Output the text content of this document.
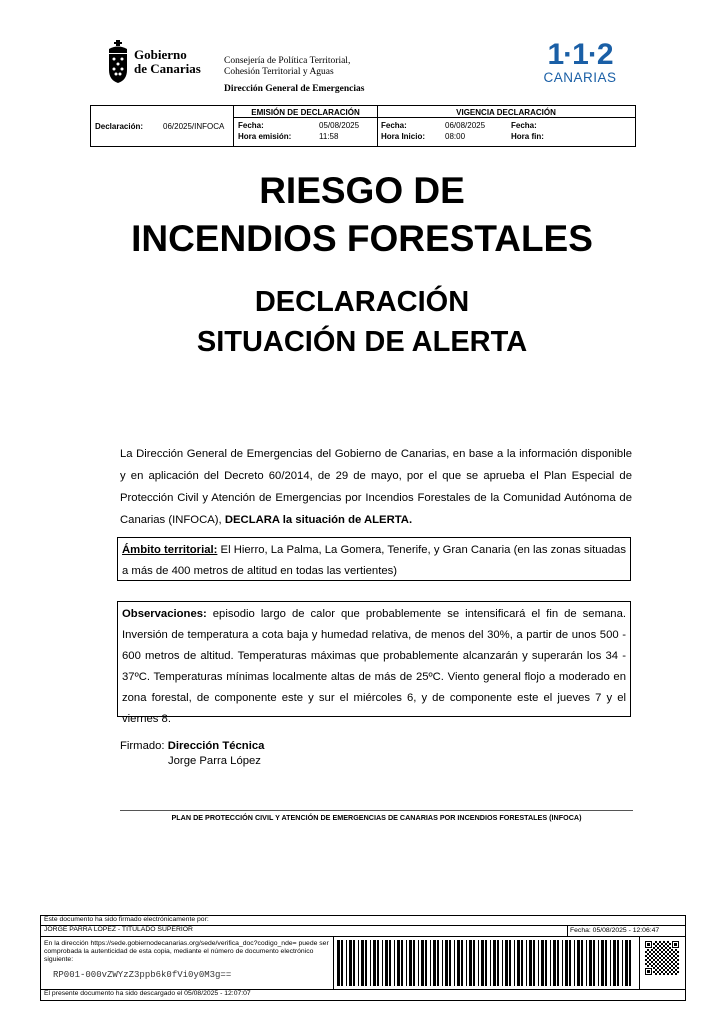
Gobierno
de Canarias Consejería de Política Territorial,
Cohesión Territorial y Aguas
Dirección General de Emergencias
1·1·2
CANARIAS
Declaración: 06/2025/INFOCA
EMISIÓN DE DECLARACIÓN	VIGENCIA DECLARACIÓN
Fecha:	05/08/2025
Hora emisión:	11:58
Fecha:	06/08/2025
Hora Inicio: 08:00
Fecha:
Hora fin:
RIESGO DE
INCENDIOS FORESTALES
DECLARACIÓN
SITUACIÓN DE ALERTA
La Dirección General de Emergencias del Gobierno de Canarias, en base a la información disponible y en aplicación del Decreto 60/2014, de 29 de mayo, por el que se aprueba el Plan Especial de Protección Civil y Atención de Emergencias por Incendios Forestales de la Comunidad Autónoma de Canarias (INFOCA), DECLARA la situación de ALERTA.
Ámbito territorial: El Hierro, La Palma, La Gomera, Tenerife, y Gran Canaria (en las zonas situadas a más de 400 metros de altitud en todas las vertientes)
Observaciones: episodio largo de calor que probablemente se intensificará el fin de semana. Inversión de temperatura a cota baja y humedad relativa, de menos del 30%, a partir de unos 500 - 600 metros de altitud. Temperaturas máximas que probablemente alcanzarán y superarán los 34 - 37ºC. Temperaturas mínimas localmente altas de más de 25ºC. Viento general flojo a moderado en zona forestal, de componente este y sur el miércoles 6, y de componente este el jueves 7 y el viernes 8.
Firmado: Dirección Técnica
Jorge Parra López
PLAN DE PROTECCIÓN CIVIL Y ATENCIÓN DE EMERGENCIAS DE CANARIAS POR INCENDIOS FORESTALES (INFOCA)
Este documento ha sido firmado electrónicamente por:
JORGE PARRA LOPEZ - TITULADO SUPERIOR	Fecha: 05/08/2025 - 12:06:47
En la dirección https://sede.gobiernodecanarias.org/sede/verifica_doc?codigo_nde= puede ser comprobada la autenticidad de esta copia, mediante el número de documento electrónico siguiente:
RP001-000vZWYzZ3ppb6k0fVi0y0M3g==
El presente documento ha sido descargado el 05/08/2025 - 12:07:07
